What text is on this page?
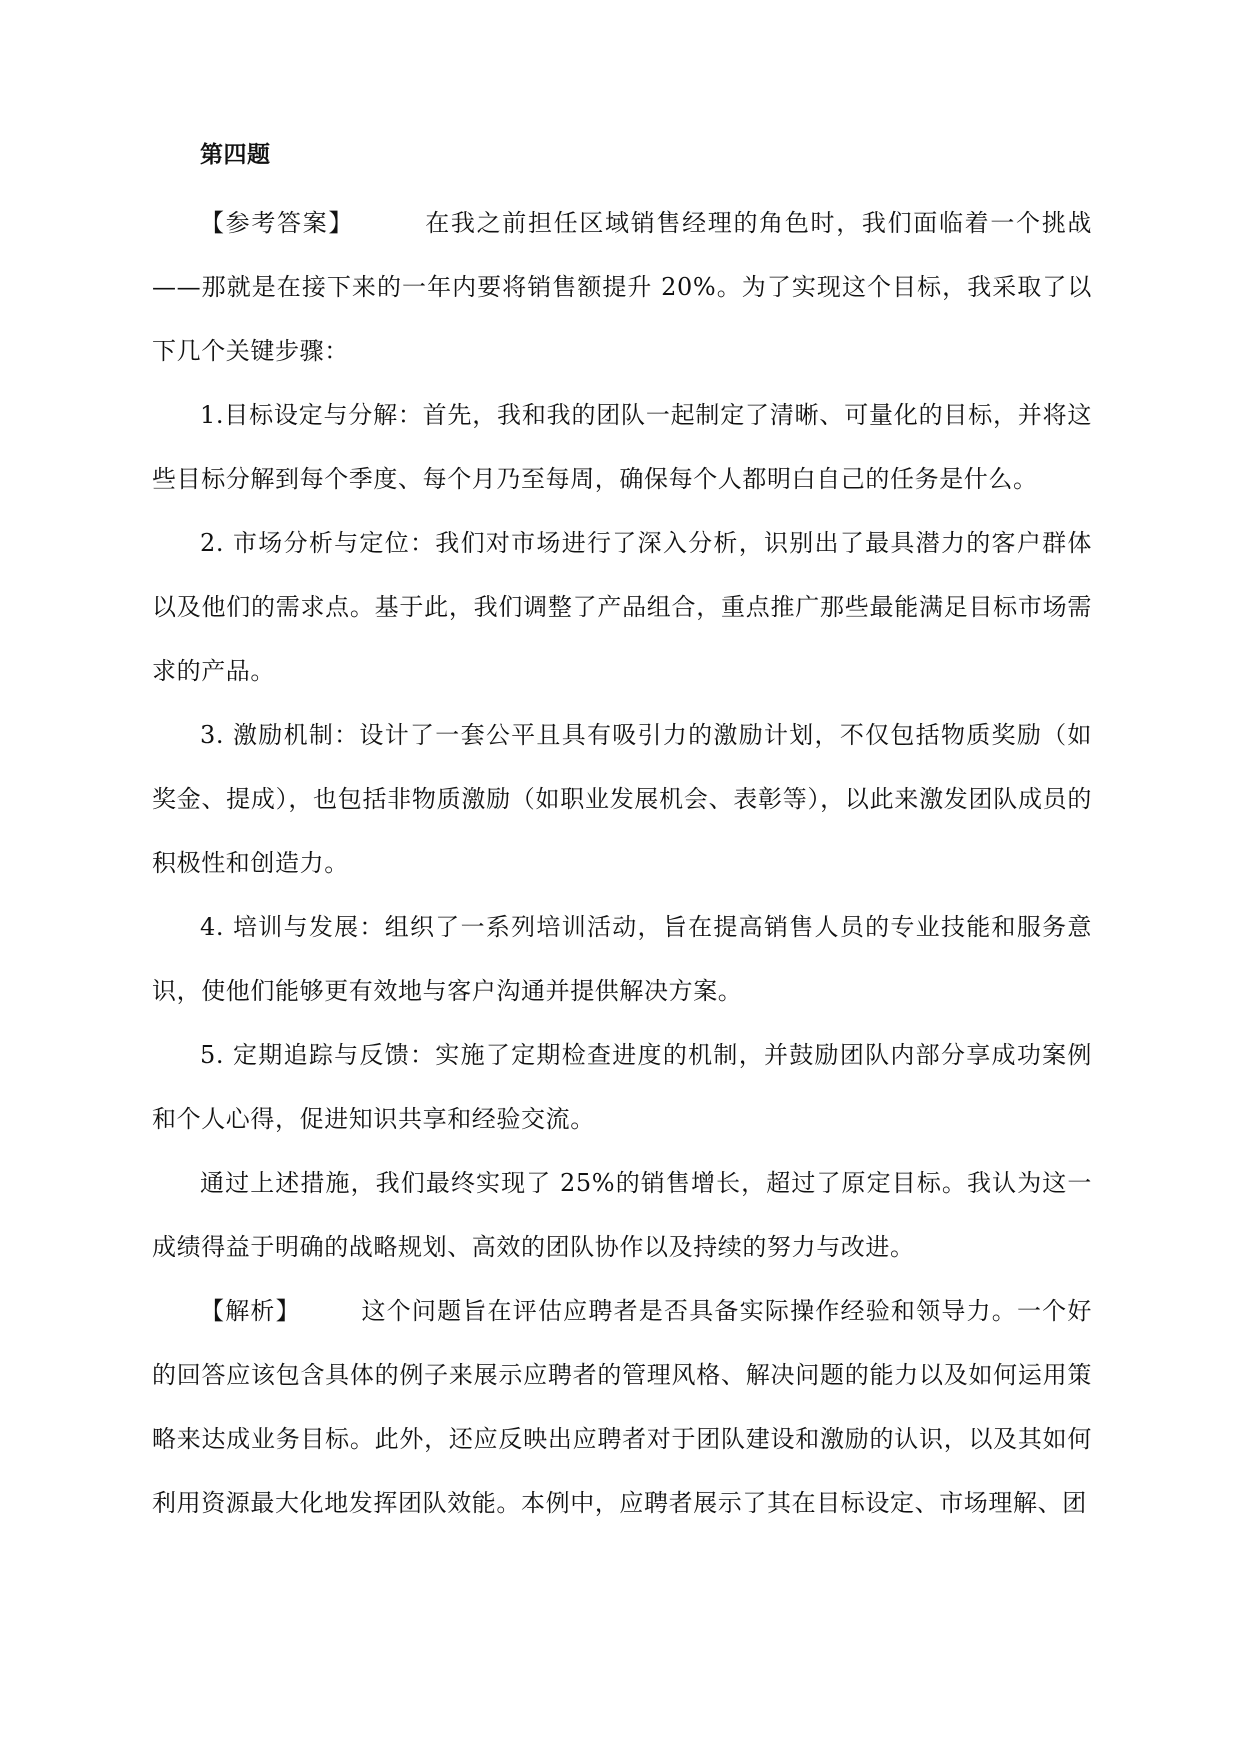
第四题

【参考答案】	在我之前担任区域销售经理的角色时，我们面临着一个挑战——那就是在接下来的一年内要将销售额提升 20%。为了实现这个目标，我采取了以下几个关键步骤：

1.目标设定与分解：首先，我和我的团队一起制定了清晰、可量化的目标，并将这些目标分解到每个季度、每个月乃至每周，确保每个人都明白自己的任务是什么。

2. 市场分析与定位：我们对市场进行了深入分析，识别出了最具潜力的客户群体以及他们的需求点。基于此，我们调整了产品组合，重点推广那些最能满足目标市场需求的产品。

3. 激励机制：设计了一套公平且具有吸引力的激励计划，不仅包括物质奖励（如奖金、提成），也包括非物质激励（如职业发展机会、表彰等），以此来激发团队成员的积极性和创造力。

4. 培训与发展：组织了一系列培训活动，旨在提高销售人员的专业技能和服务意识，使他们能够更有效地与客户沟通并提供解决方案。

5. 定期追踪与反馈：实施了定期检查进度的机制，并鼓励团队内部分享成功案例和个人心得，促进知识共享和经验交流。

通过上述措施，我们最终实现了 25%的销售增长，超过了原定目标。我认为这一成绩得益于明确的战略规划、高效的团队协作以及持续的努力与改进。

【解析】	这个问题旨在评估应聘者是否具备实际操作经验和领导力。一个好的回答应该包含具体的例子来展示应聘者的管理风格、解决问题的能力以及如何运用策略来达成业务目标。此外，还应反映出应聘者对于团队建设和激励的认识，以及其如何利用资源最大化地发挥团队效能。本例中，应聘者展示了其在目标设定、市场理解、团
